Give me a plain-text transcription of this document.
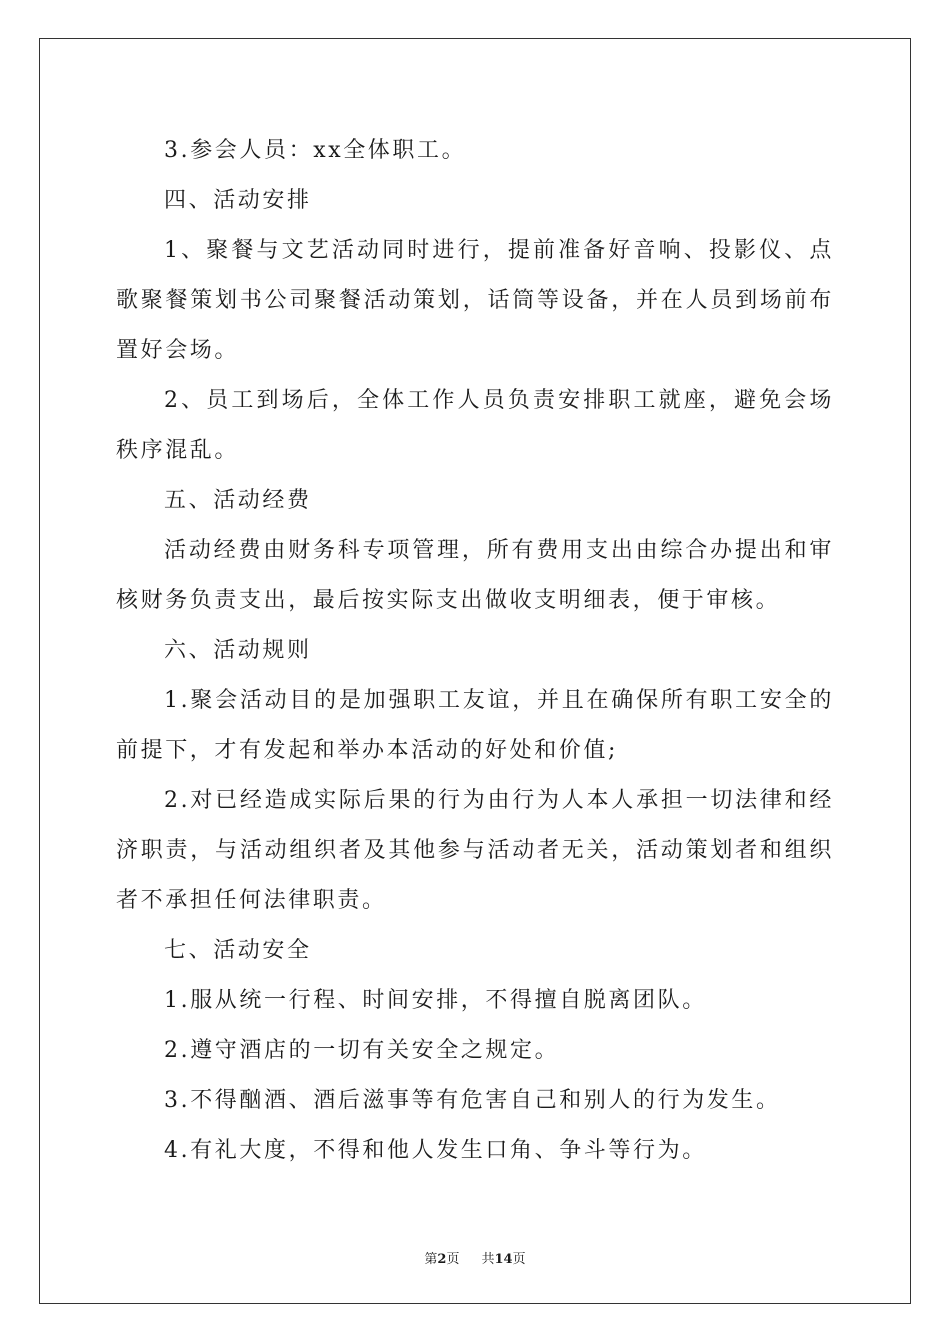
3.参会人员：xx全体职工。

四、活动安排

1、聚餐与文艺活动同时进行，提前准备好音响、投影仪、点歌聚餐策划书公司聚餐活动策划，话筒等设备，并在人员到场前布置好会场。

2、员工到场后，全体工作人员负责安排职工就座，避免会场秩序混乱。

五、活动经费

活动经费由财务科专项管理，所有费用支出由综合办提出和审核财务负责支出，最后按实际支出做收支明细表，便于审核。

六、活动规则

1.聚会活动目的是加强职工友谊，并且在确保所有职工安全的前提下，才有发起和举办本活动的好处和价值;

2.对已经造成实际后果的行为由行为人本人承担一切法律和经济职责，与活动组织者及其他参与活动者无关，活动策划者和组织者不承担任何法律职责。

七、活动安全

1.服从统一行程、时间安排，不得擅自脱离团队。

2.遵守酒店的一切有关安全之规定。

3.不得酗酒、酒后滋事等有危害自己和别人的行为发生。

4.有礼大度，不得和他人发生口角、争斗等行为。

第2页 共14页
